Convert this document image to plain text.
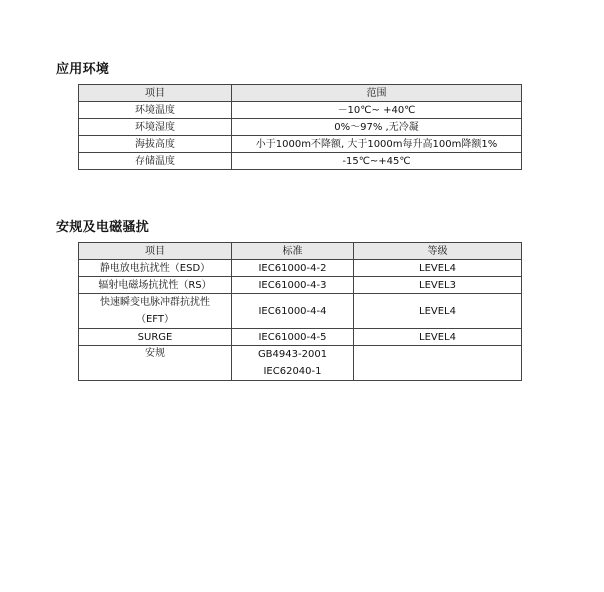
应用环境
项目	范围
环境温度	－10℃~ +40℃
环境湿度	0%～97% ,无冷凝
海拔高度	小于1000m不降额, 大于1000m每升高100m降额1%
存储温度	-15℃~+45℃
安规及电磁骚扰
项目	标准	等级
静电放电抗扰性（ESD）	IEC61000-4-2	LEVEL4
辐射电磁场抗扰性（RS）	IEC61000-4-3	LEVEL3

快速瞬变电脉冲群抗扰性
（EFT）	IEC61000-4-4	LEVEL4
SURGE	IEC61000-4-5	LEVEL4
安规	GB4943-2001
IEC62040-1	
